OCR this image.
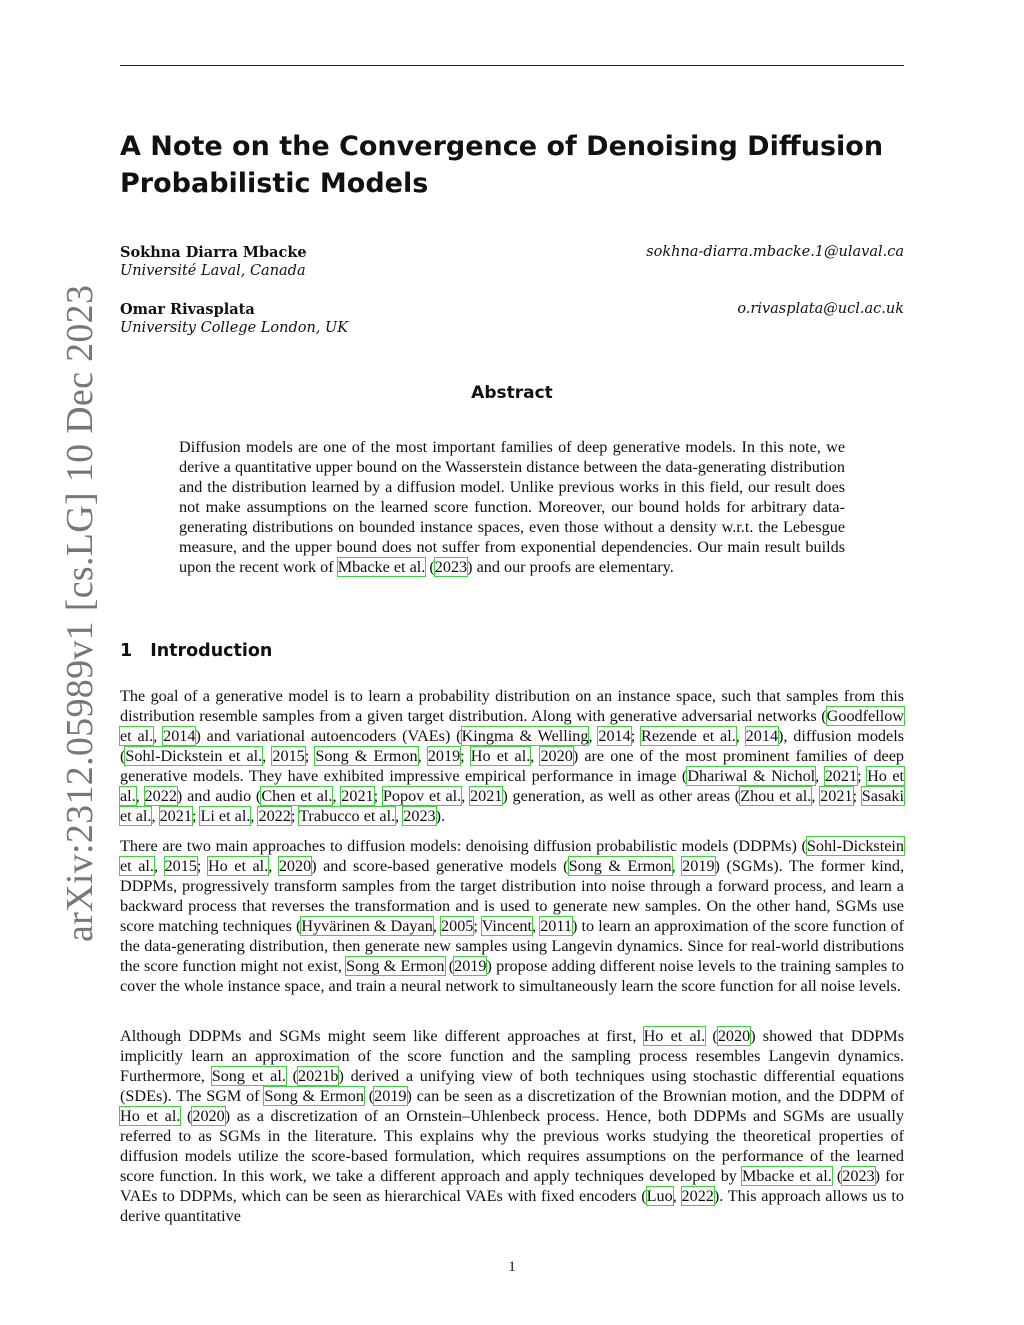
arXiv:2312.05989v1 [cs.LG] 10 Dec 2023
A Note on the Convergence of Denoising Diffusion Probabilistic Models
Sokhna Diarra Mbacke
Université Laval, Canada
sokhna-diarra.mbacke.1@ulaval.ca
Omar Rivasplata
University College London, UK
o.rivasplata@ucl.ac.uk
Abstract

Diffusion models are one of the most important families of deep generative models. In this note, we derive a quantitative upper bound on the Wasserstein distance between the data-generating distribution and the distribution learned by a diffusion model. Unlike previous works in this field, our result does not make assumptions on the learned score function. Moreover, our bound holds for arbitrary data-generating distributions on bounded instance spaces, even those without a density w.r.t. the Lebesgue measure, and the upper bound does not suffer from exponential dependencies. Our main result builds upon the recent work of Mbacke et al. (2023) and our proofs are elementary.

1 Introduction

The goal of a generative model is to learn a probability distribution on an instance space, such that samples from this distribution resemble samples from a given target distribution. Along with generative adversarial networks (Goodfellow et al., 2014) and variational autoencoders (VAEs) (Kingma & Welling, 2014; Rezende et al., 2014), diffusion models (Sohl-Dickstein et al., 2015; Song & Ermon, 2019; Ho et al., 2020) are one of the most prominent families of deep generative models. They have exhibited impressive empirical performance in image (Dhariwal & Nichol, 2021; Ho et al., 2022) and audio (Chen et al., 2021; Popov et al., 2021) generation, as well as other areas (Zhou et al., 2021; Sasaki et al., 2021; Li et al., 2022; Trabucco et al., 2023).

There are two main approaches to diffusion models: denoising diffusion probabilistic models (DDPMs) (Sohl-Dickstein et al., 2015; Ho et al., 2020) and score-based generative models (Song & Ermon, 2019) (SGMs). The former kind, DDPMs, progressively transform samples from the target distribution into noise through a forward process, and learn a backward process that reverses the transformation and is used to generate new samples. On the other hand, SGMs use score matching techniques (Hyvärinen & Dayan, 2005; Vincent, 2011) to learn an approximation of the score function of the data-generating distribution, then generate new samples using Langevin dynamics. Since for real-world distributions the score function might not exist, Song & Ermon (2019) propose adding different noise levels to the training samples to cover the whole instance space, and train a neural network to simultaneously learn the score function for all noise levels.

Although DDPMs and SGMs might seem like different approaches at first, Ho et al. (2020) showed that DDPMs implicitly learn an approximation of the score function and the sampling process resembles Langevin dynamics. Furthermore, Song et al. (2021b) derived a unifying view of both techniques using stochastic differential equations (SDEs). The SGM of Song & Ermon (2019) can be seen as a discretization of the Brownian motion, and the DDPM of Ho et al. (2020) as a discretization of an Ornstein–Uhlenbeck process. Hence, both DDPMs and SGMs are usually referred to as SGMs in the literature. This explains why the previous works studying the theoretical properties of diffusion models utilize the score-based formulation, which requires assumptions on the performance of the learned score function. In this work, we take a different approach and apply techniques developed by Mbacke et al. (2023) for VAEs to DDPMs, which can be seen as hierarchical VAEs with fixed encoders (Luo, 2022). This approach allows us to derive quantitative

1
